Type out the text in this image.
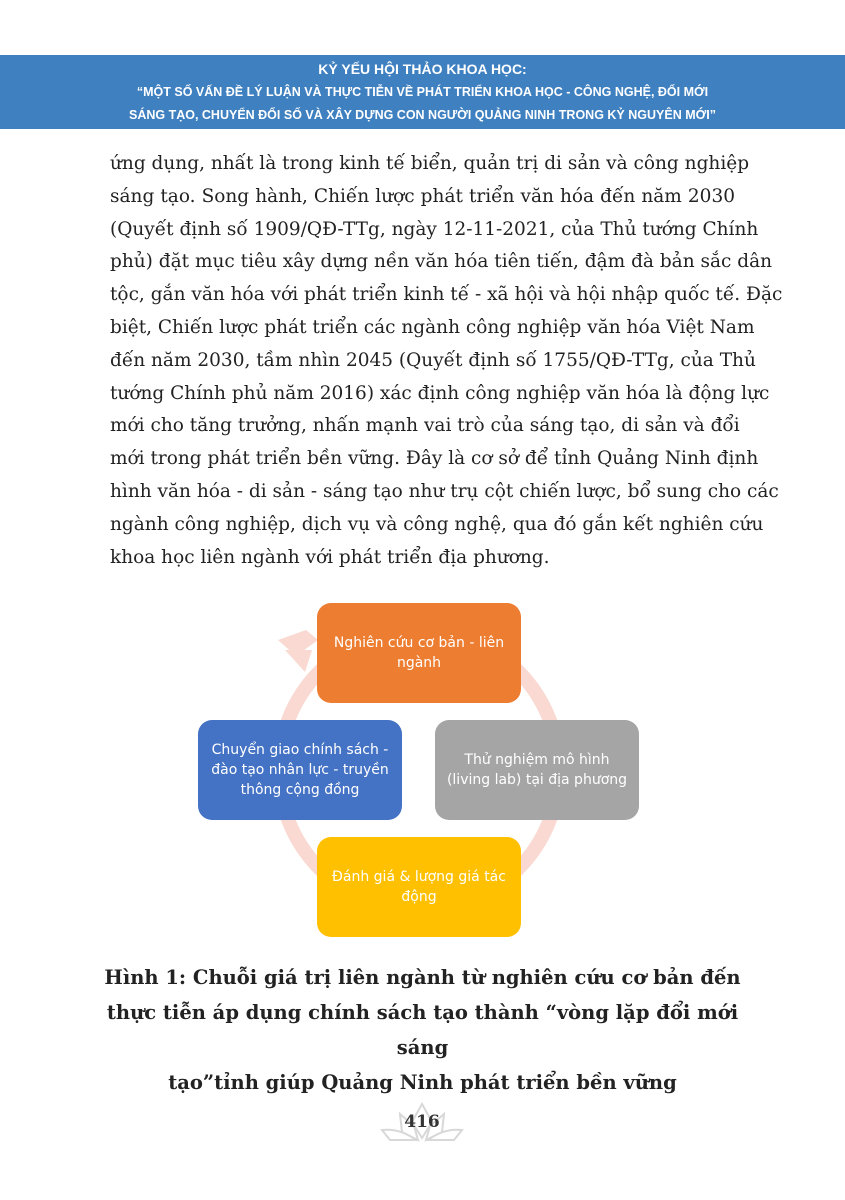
KỶ YẾU HỘI THẢO KHOA HỌC:
“MỘT SỐ VẤN ĐỀ LÝ LUẬN VÀ THỰC TIỄN VỀ PHÁT TRIỂN KHOA HỌC - CÔNG NGHỆ, ĐỔI MỚI
SÁNG TẠO, CHUYỂN ĐỔI SỐ VÀ XÂY DỰNG CON NGƯỜI QUẢNG NINH TRONG KỶ NGUYÊN MỚI”
ứng dụng, nhất là trong kinh tế biển, quản trị di sản và công nghiệp
sáng tạo. Song hành, Chiến lược phát triển văn hóa đến năm 2030
(Quyết định số 1909/QĐ-TTg, ngày 12-11-2021, của Thủ tướng Chính
phủ) đặt mục tiêu xây dựng nền văn hóa tiên tiến, đậm đà bản sắc dân
tộc, gắn văn hóa với phát triển kinh tế - xã hội và hội nhập quốc tế. Đặc
biệt, Chiến lược phát triển các ngành công nghiệp văn hóa Việt Nam
đến năm 2030, tầm nhìn 2045 (Quyết định số 1755/QĐ-TTg, của Thủ
tướng Chính phủ năm 2016) xác định công nghiệp văn hóa là động lực
mới cho tăng trưởng, nhấn mạnh vai trò của sáng tạo, di sản và đổi
mới trong phát triển bền vững. Đây là cơ sở để tỉnh Quảng Ninh định
hình văn hóa - di sản - sáng tạo như trụ cột chiến lược, bổ sung cho các
ngành công nghiệp, dịch vụ và công nghệ, qua đó gắn kết nghiên cứu
khoa học liên ngành với phát triển địa phương.
Nghiên cứu cơ bản - liên ngành
Thử nghiệm mô hình (living lab) tại địa phương
Đánh giá & lượng giá tác động
Chuyển giao chính sách - đào tạo nhân lực - truyền thông cộng đồng
Hình 1: Chuỗi giá trị liên ngành từ nghiên cứu cơ bản đến
thực tiễn áp dụng chính sách tạo thành “vòng lặp đổi mới sáng
tạo”tỉnh giúp Quảng Ninh phát triển bền vững
416
